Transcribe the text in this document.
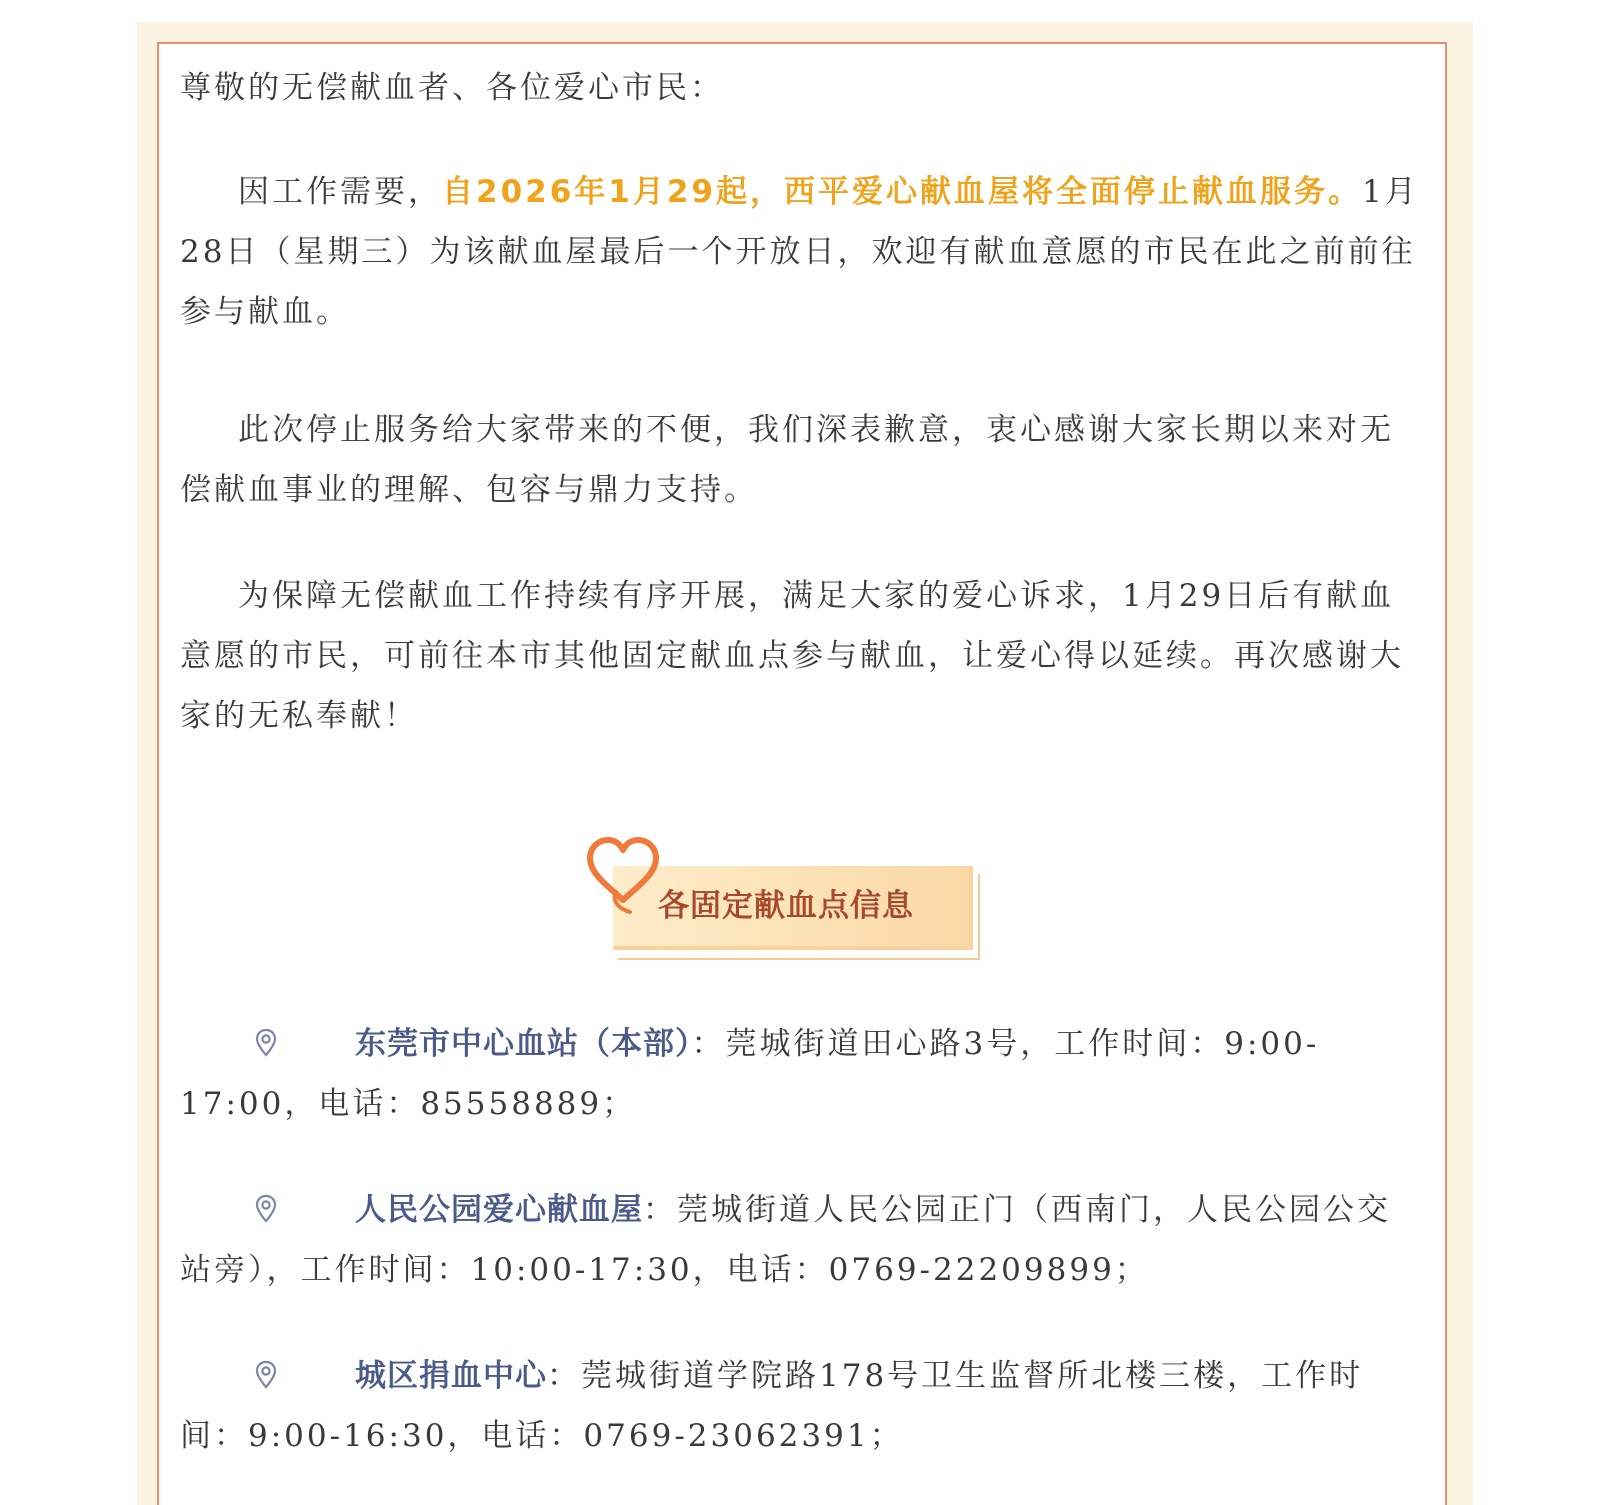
尊敬的无偿献血者、各位爱心市民：

因工作需要，自2026年1月29起，西平爱心献血屋将全面停止献血服务。1月28日（星期三）为该献血屋最后一个开放日，欢迎有献血意愿的市民在此之前前往参与献血。

此次停止服务给大家带来的不便，我们深表歉意，衷心感谢大家长期以来对无偿献血事业的理解、包容与鼎力支持。

为保障无偿献血工作持续有序开展，满足大家的爱心诉求，1月29日后有献血意愿的市民，可前往本市其他固定献血点参与献血，让爱心得以延续。再次感谢大家的无私奉献！

东莞市中心血站（本部）：莞城街道田心路3号，工作时间：9:00-17:00，电话：85558889；

人民公园爱心献血屋：莞城街道人民公园正门（西南门，人民公园公交站旁），工作时间：10:00-17:30，电话：0769-22209899；

城区捐血中心：莞城街道学院路178号卫生监督所北楼三楼，工作时间：9:00-16:30，电话：0769-23062391；

各固定献血点信息
